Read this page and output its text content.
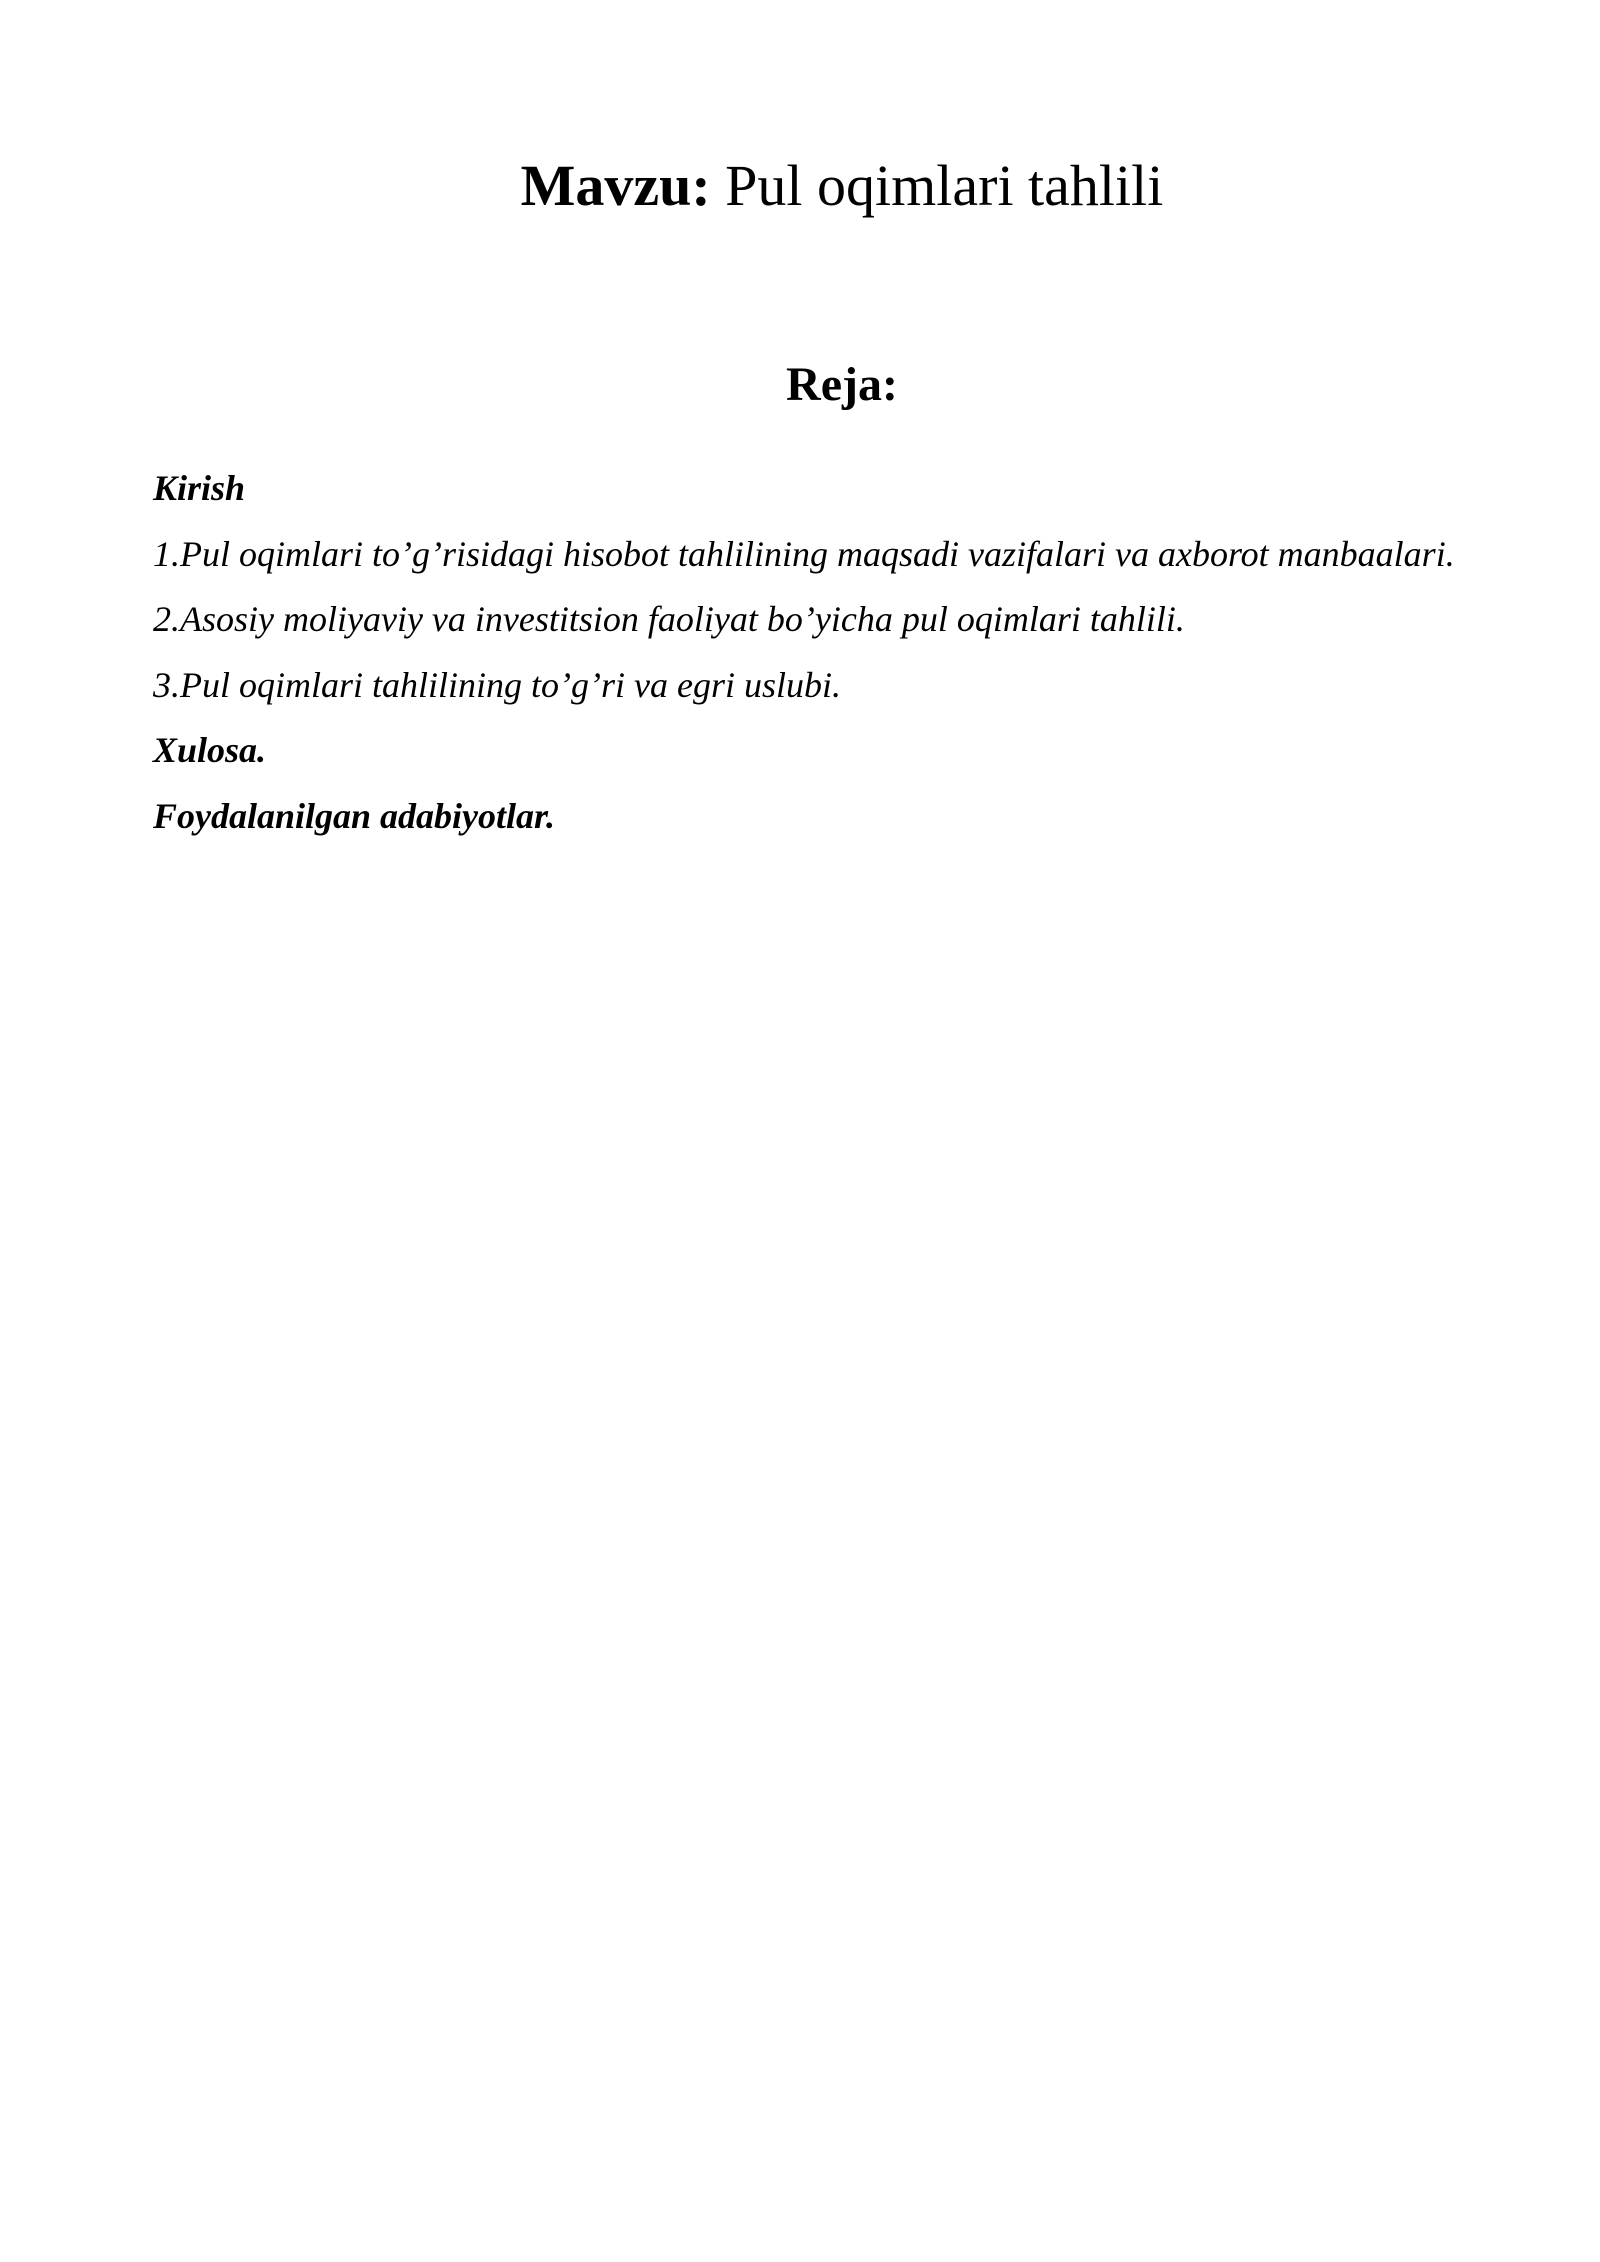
Mavzu: Pul oqimlari tahlili
Reja:
Kirish
1.Pul oqimlari to’g’risidagi hisobot tahlilining maqsadi vazifalari va axborot manbaalari.
2.Asosiy moliyaviy va investitsion faoliyat bo’yicha pul oqimlari tahlili.
3.Pul oqimlari tahlilining to’g’ri va egri uslubi.
Xulosa.
Foydalanilgan adabiyotlar.
